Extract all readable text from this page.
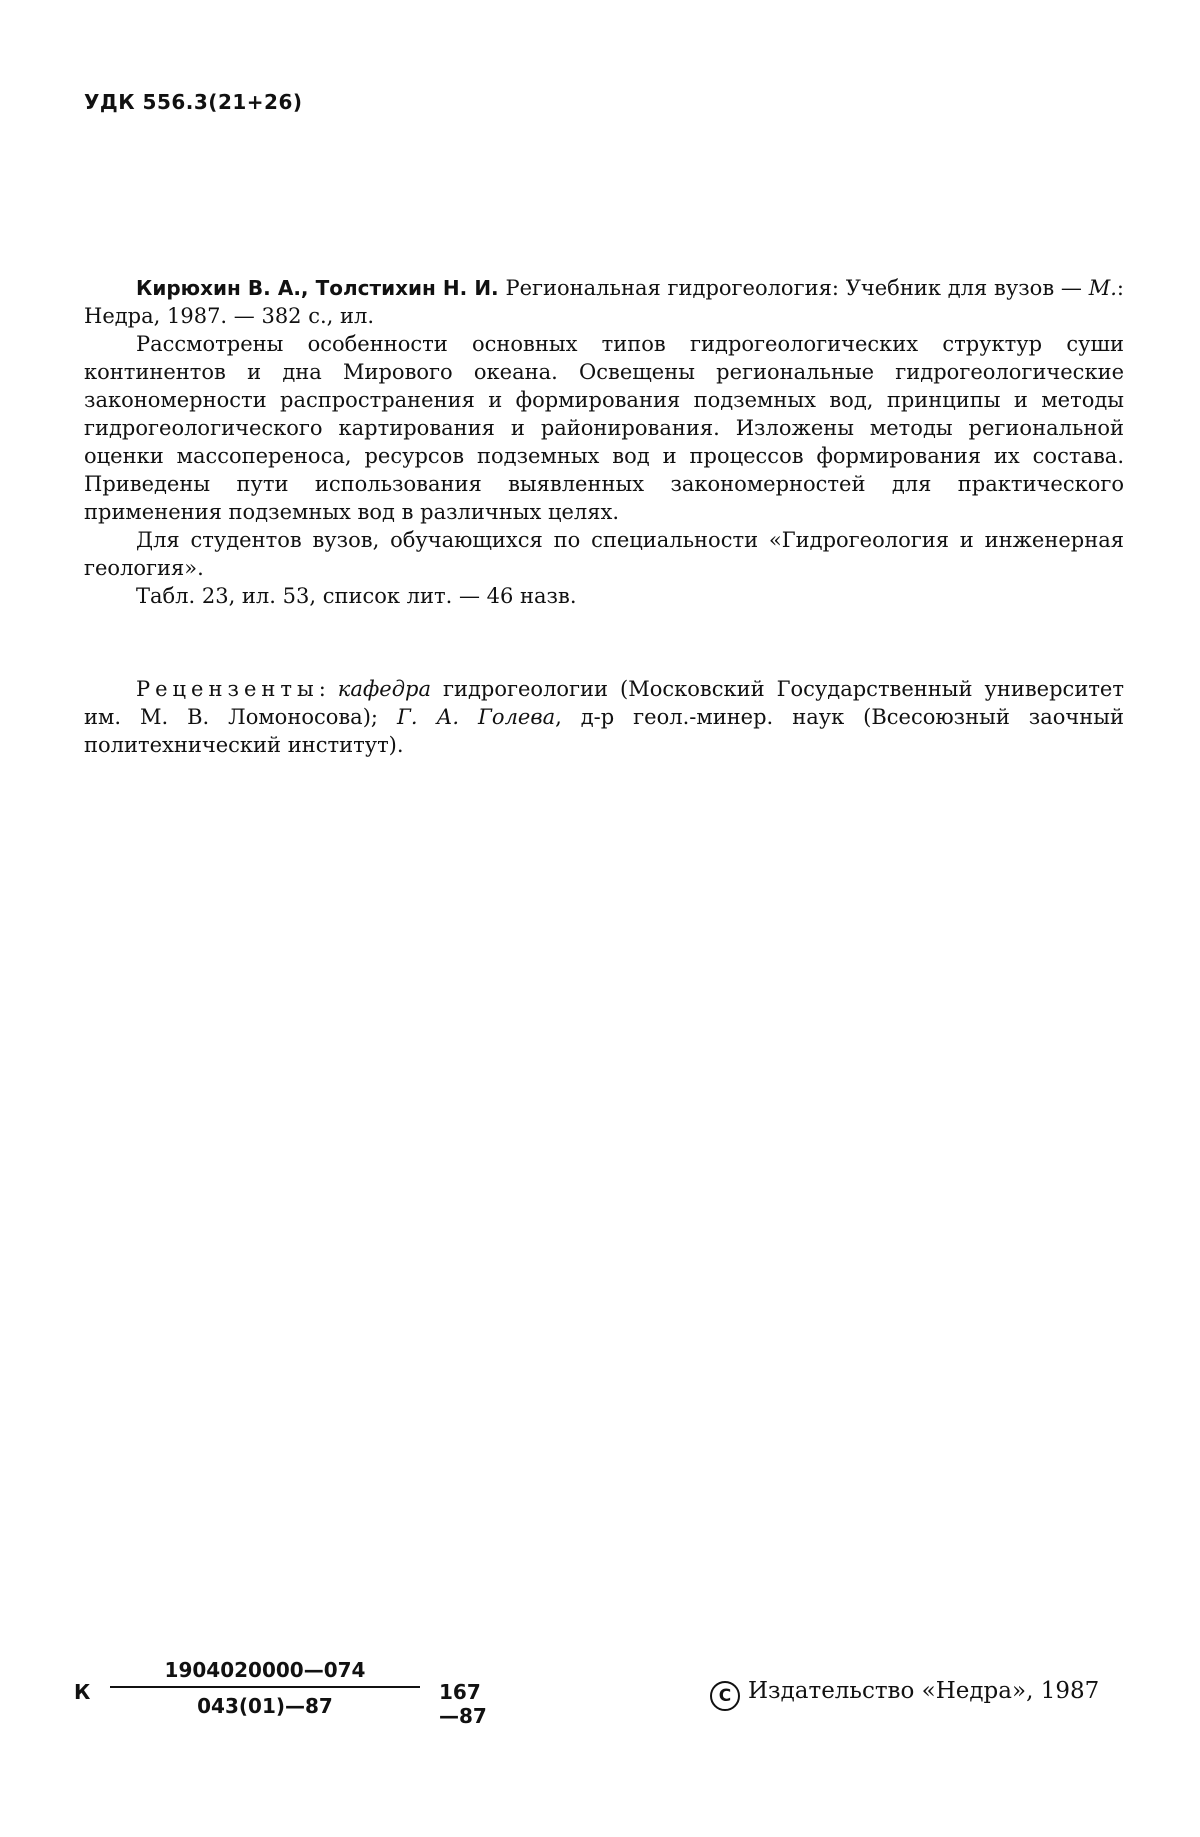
УДК 556.3(21+26)

Кирюхин В. А., Толстихин Н. И. Региональная гидрогеология: Учебник для вузов — М.: Недра, 1987. — 382 с., ил.

Рассмотрены особенности основных типов гидрогеологических структур суши континентов и дна Мирового океана. Освещены региональные гидрогеологические закономерности распространения и формирования подземных вод, принципы и методы гидрогеологического картирования и районирования. Изложены методы региональной оценки массопереноса, ресурсов подземных вод и процессов формирования их состава. Приведены пути использования выявленных закономерностей для практического применения подземных вод в различных целях.

Для студентов вузов, обучающихся по специальности «Гидрогеология и инженерная геология».

Табл. 23, ил. 53, список лит. — 46 назв.

Рецензенты: кафедра гидрогеологии (Московский Государственный университет им. М. В. Ломоносова); Г. А. Голева, д-р геол.-минер. наук (Всесоюзный заочный политехнический институт).
К
1904020000—074
043(01)—87
167—87
C Издательство «Недра», 1987
